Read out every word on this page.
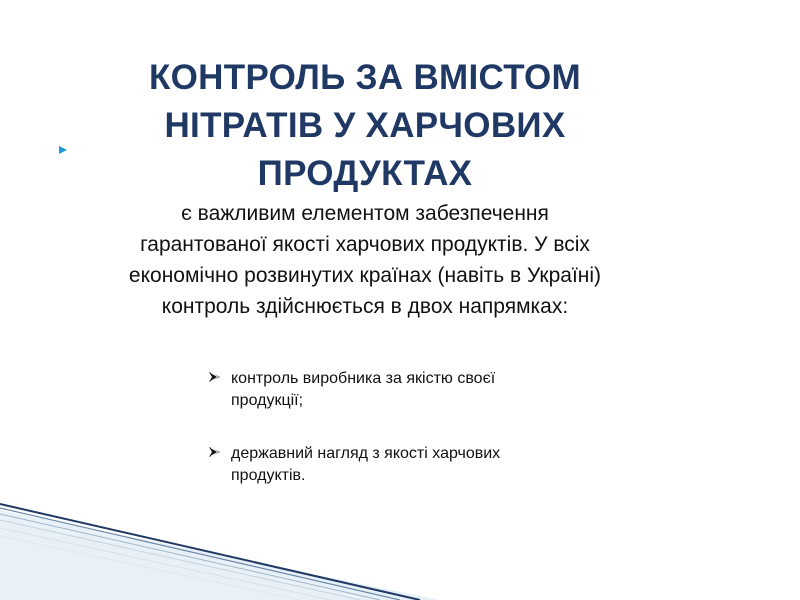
КОНТРОЛЬ ЗА ВМІСТОМ
НІТРАТІВ У ХАРЧОВИХ
ПРОДУКТАХ
є важливим елементом забезпечення
гарантованої якості харчових продуктів. У всіх
економічно розвинутих країнах (навіть в Україні)
контроль здійснюється в двох напрямках:
контроль виробника за якістю своєї
продукції;
державний нагляд з якості харчових
продуктів.
